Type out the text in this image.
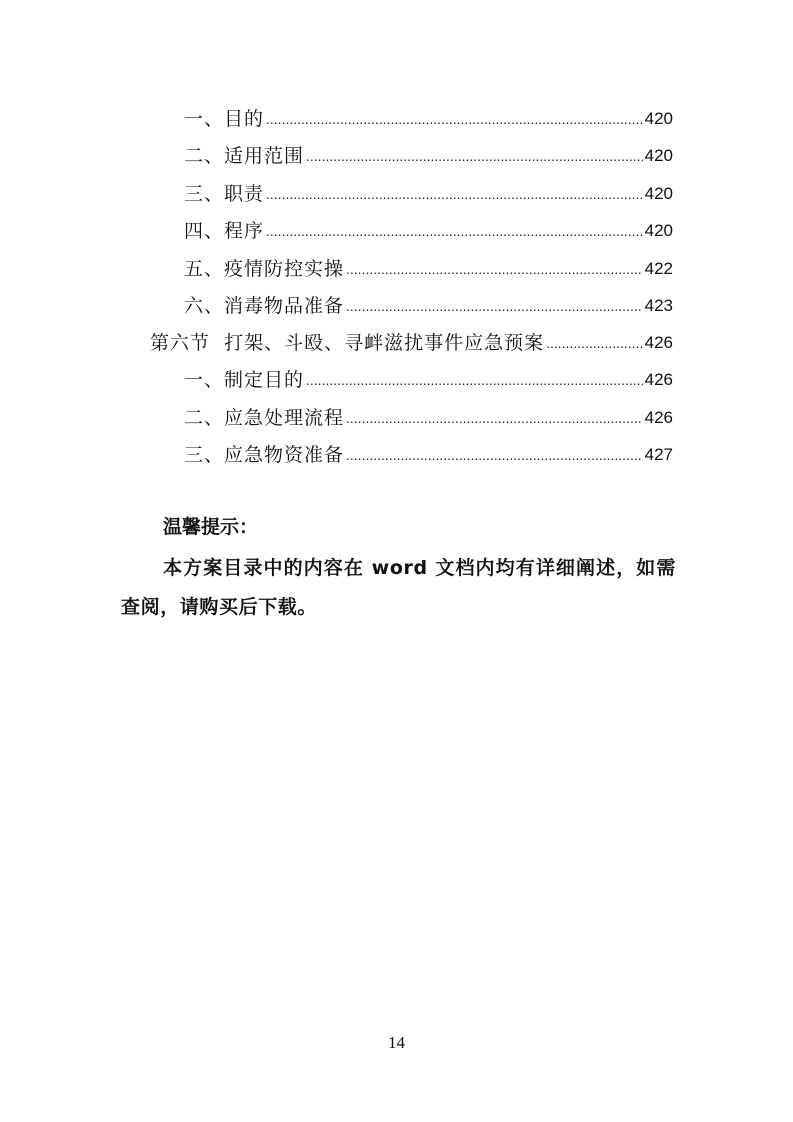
一、目的 .....	420
二、适用范围 .....	420
三、职责 .....	420
四、程序 .....	420
五、疫情防控实操 .....	422
六、消毒物品准备 .....	423
第六节  打架、斗殴、寻衅滋扰事件应急预案 .....	426
一、制定目的 .....	426
二、应急处理流程 .....	426
三、应急物资准备 .....	427
温馨提示：
本方案目录中的内容在 word 文档内均有详细阐述，如需查阅，请购买后下载。
14
